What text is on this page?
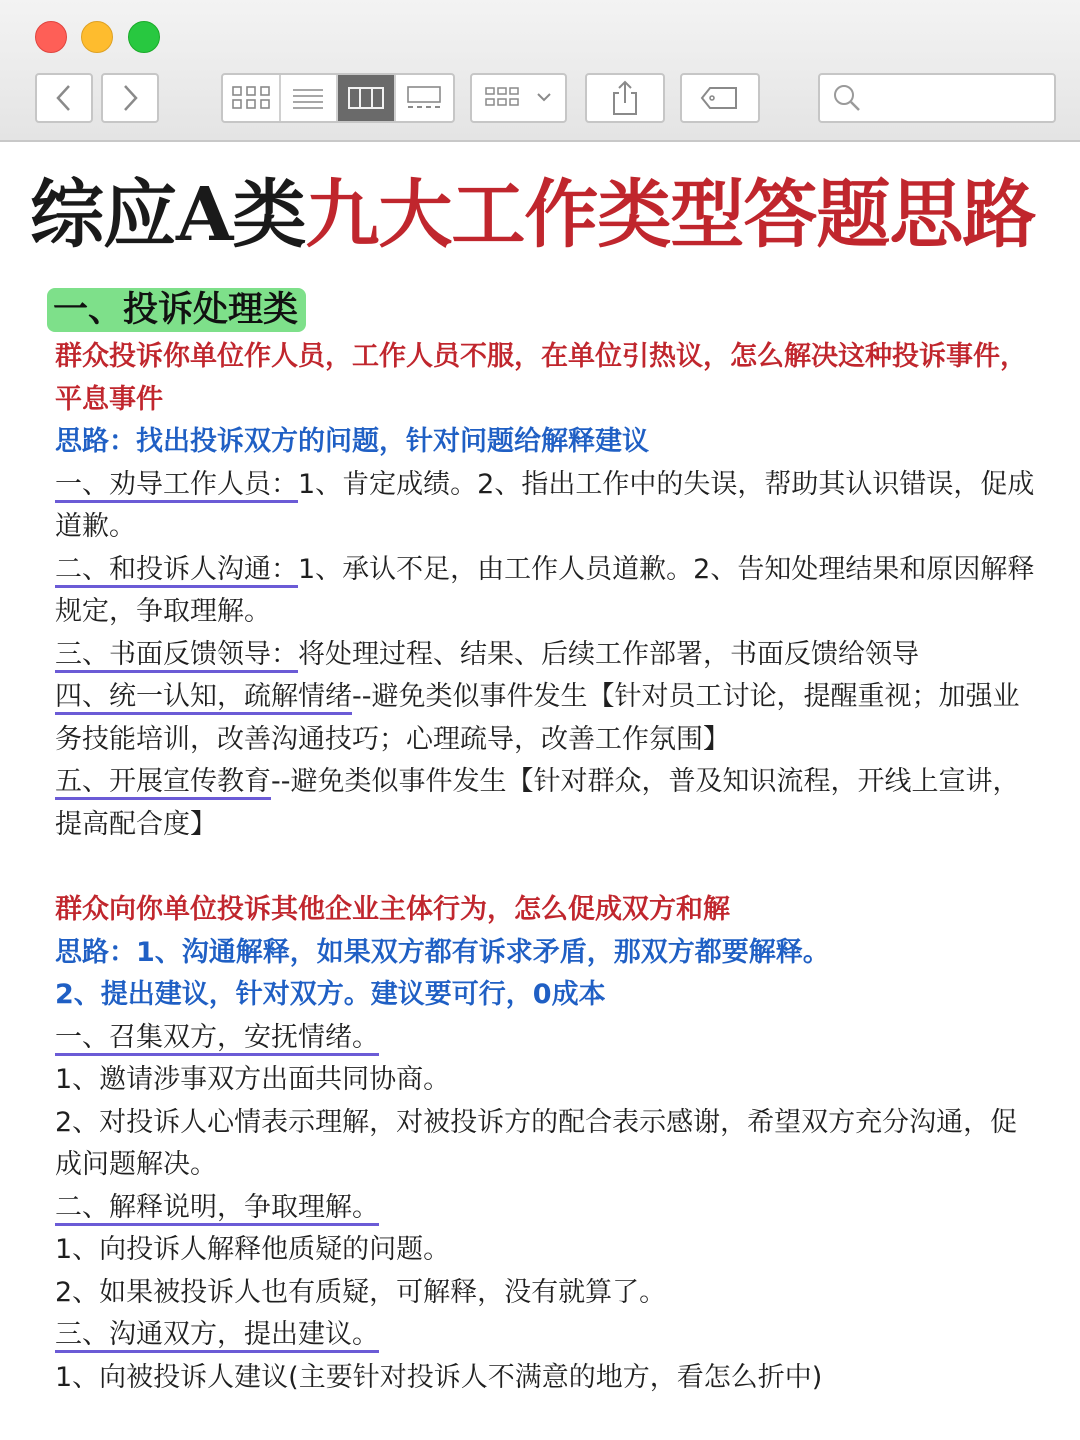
综应A类九大工作类型答题思路
一、投诉处理类

群众投诉你单位作人员，工作人员不服，在单位引热议，怎么解决这种投诉事件，平息事件

思路：找出投诉双方的问题，针对问题给解释建议

一、劝导工作人员：1、肯定成绩。2、指出工作中的失误，帮助其认识错误，促成道歉。

二、和投诉人沟通：1、承认不足，由工作人员道歉。2、告知处理结果和原因解释规定，争取理解。

三、书面反馈领导：将处理过程、结果、后续工作部署，书面反馈给领导

四、统一认知，疏解情绪--避免类似事件发生【针对员工讨论，提醒重视；加强业务技能培训，改善沟通技巧；心理疏导，改善工作氛围】

五、开展宣传教育--避免类似事件发生【针对群众，普及知识流程，开线上宣讲，提高配合度】

群众向你单位投诉其他企业主体行为，怎么促成双方和解

思路：1、沟通解释，如果双方都有诉求矛盾，那双方都要解释。

2、提出建议，针对双方。建议要可行，0成本

一、召集双方，安抚情绪。

1、邀请涉事双方出面共同协商。

2、对投诉人心情表示理解，对被投诉方的配合表示感谢，希望双方充分沟通，促成问题解决。

二、解释说明，争取理解。

1、向投诉人解释他质疑的问题。

2、如果被投诉人也有质疑，可解释，没有就算了。

三、沟通双方，提出建议。

1、向被投诉人建议(主要针对投诉人不满意的地方，看怎么折中)
